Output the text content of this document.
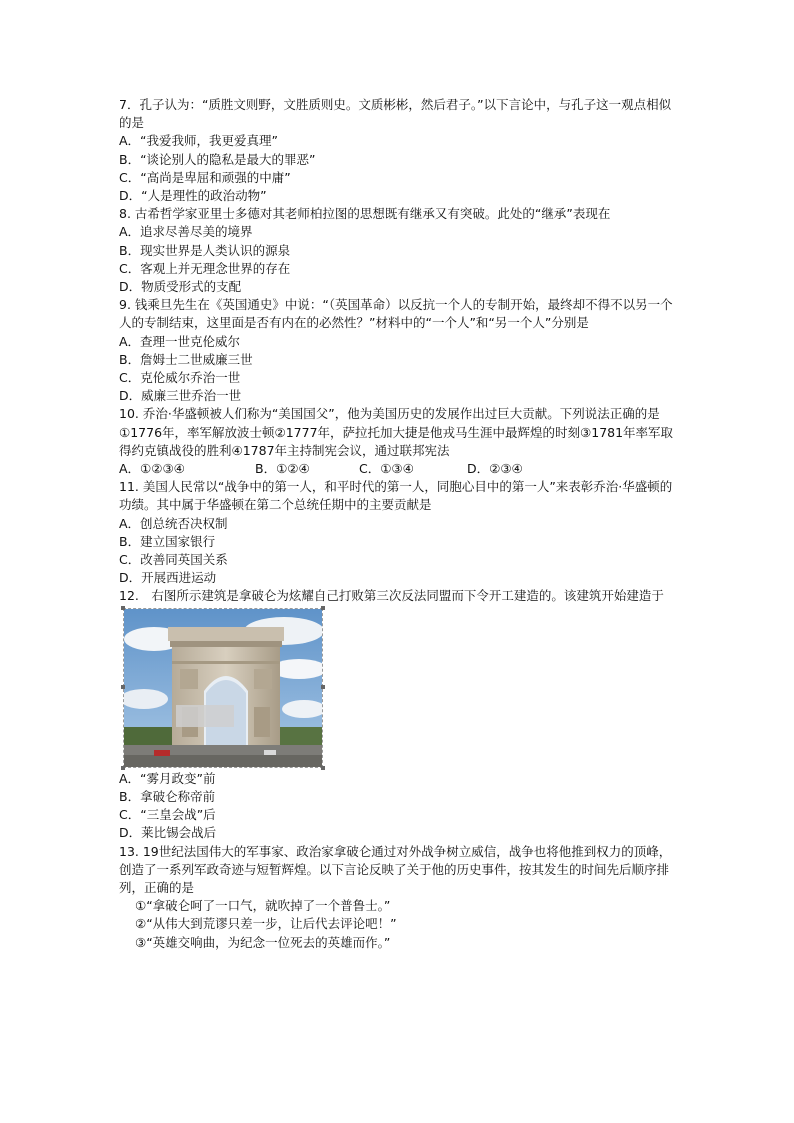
7．孔子认为：“质胜文则野，文胜质则史。文质彬彬，然后君子。”以下言论中，与孔子这一观点相似的是

A．“我爱我师，我更爱真理”

B．“谈论别人的隐私是最大的罪恶”

C．“高尚是卑屈和顽强的中庸”

D．“人是理性的政治动物”

8. 古希哲学家亚里士多德对其老师柏拉图的思想既有继承又有突破。此处的“继承”表现在

A．追求尽善尽美的境界

B．现实世界是人类认识的源泉

C．客观上并无理念世界的存在

D．物质受形式的支配

9. 钱乘旦先生在《英国通史》中说：“（英国革命）以反抗一个人的专制开始，最终却不得不以另一个人的专制结束，这里面是否有内在的必然性？”材料中的“一个人”和“另一个人”分别是

A．查理一世克伦威尔

B．詹姆士二世威廉三世

C．克伦威尔乔治一世

D．威廉三世乔治一世

10. 乔治·华盛顿被人们称为“美国国父”，他为美国历史的发展作出过巨大贡献。下列说法正确的是①1776年，率军解放波士顿②1777年，萨拉托加大捷是他戎马生涯中最辉煌的时刻③1781年率军取得约克镇战役的胜利④1787年主持制宪会议，通过联邦宪法

A．①②③④	B．①②④	C．①③④	D．②③④

11. 美国人民常以“战争中的第一人，和平时代的第一人，同胞心目中的第一人”来表彰乔治·华盛顿的功绩。其中属于华盛顿在第二个总统任期中的主要贡献是

A．创总统否决权制

B．建立国家银行

C．改善同英国关系

D．开展西进运动

12.　右图所示建筑是拿破仑为炫耀自己打败第三次反法同盟而下令开工建造的。该建筑开始建造于

A．“雾月政变”前

B．拿破仑称帝前

C．“三皇会战”后

D．莱比锡会战后

13. 19世纪法国伟大的军事家、政治家拿破仑通过对外战争树立威信，战争也将他推到权力的顶峰，创造了一系列军政奇迹与短暂辉煌。以下言论反映了关于他的历史事件，按其发生的时间先后顺序排列，正确的是

①“拿破仑呵了一口气，就吹掉了一个普鲁士。”

②“从伟大到荒谬只差一步，让后代去评论吧！”

③“英雄交响曲，为纪念一位死去的英雄而作。”
